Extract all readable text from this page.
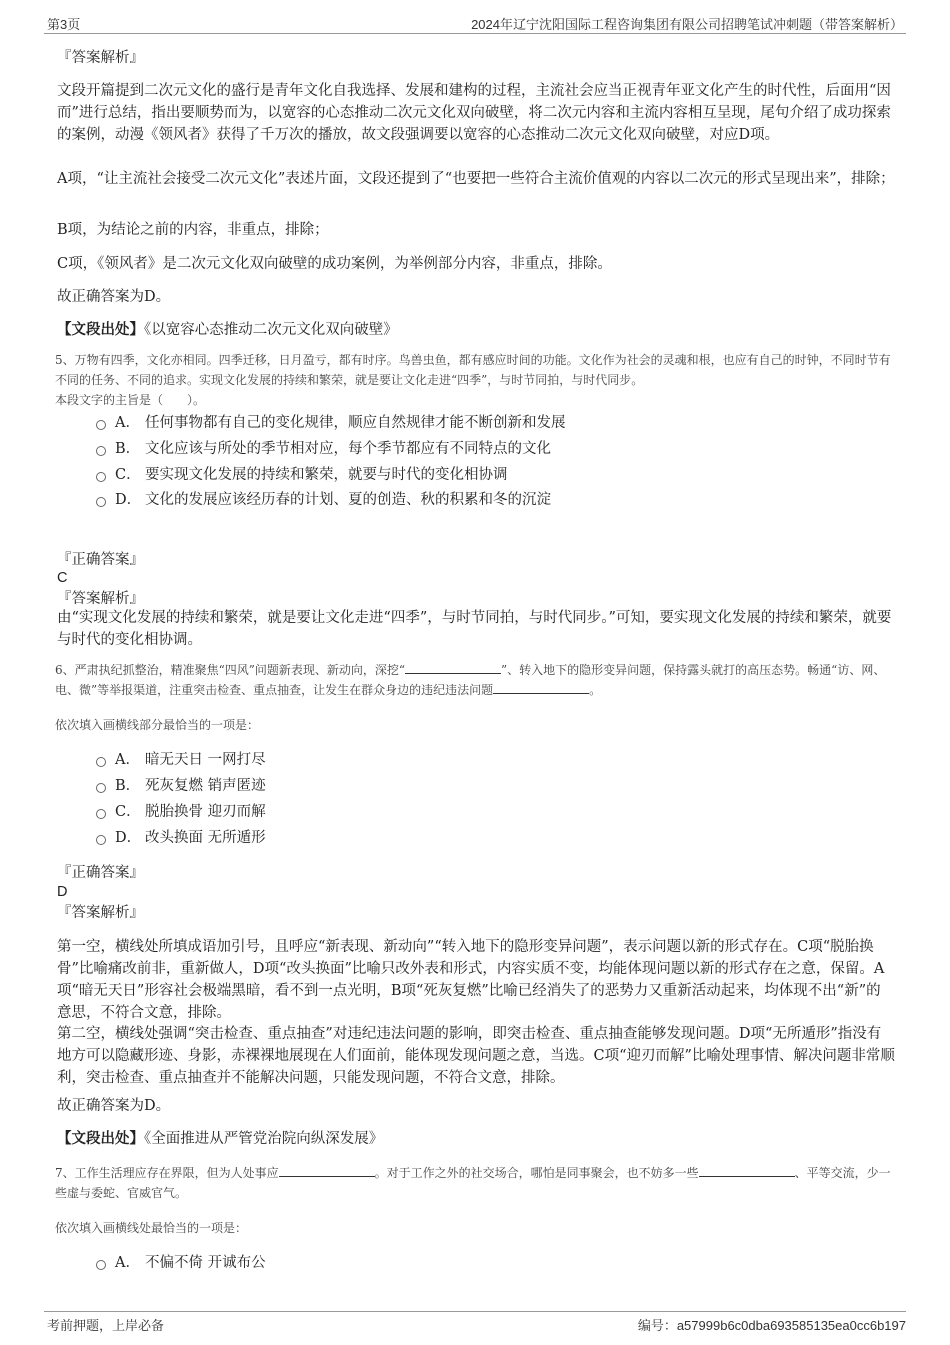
第3页	2024年辽宁沈阳国际工程咨询集团有限公司招聘笔试冲刺题（带答案解析）
『答案解析』

文段开篇提到二次元文化的盛行是青年文化自我选择、发展和建构的过程，主流社会应当正视青年亚文化产生的时代性，后面用“因而”进行总结，指出要顺势而为，以宽容的心态推动二次元文化双向破壁，将二次元内容和主流内容相互呈现，尾句介绍了成功探索的案例，动漫《领风者》获得了千万次的播放，故文段强调要以宽容的心态推动二次元文化双向破壁，对应D项。

A项，“让主流社会接受二次元文化”表述片面，文段还提到了“也要把一些符合主流价值观的内容以二次元的形式呈现出来”，排除；

B项，为结论之前的内容，非重点，排除；

C项，《领风者》是二次元文化双向破壁的成功案例，为举例部分内容，非重点，排除。

故正确答案为D。

【文段出处】《以宽容心态推动二次元文化双向破壁》

5、万物有四季，文化亦相同。四季迁移，日月盈亏，都有时序。鸟兽虫鱼，都有感应时间的功能。文化作为社会的灵魂和根，也应有自己的时钟，不同时节有不同的任务、不同的追求。实现文化发展的持续和繁荣，就是要让文化走进“四季”，与时节同拍，与时代同步。

本段文字的主旨是（　　）。

A． 任何事物都有自己的变化规律，顺应自然规律才能不断创新和发展
B． 文化应该与所处的季节相对应，每个季节都应有不同特点的文化
C． 要实现文化发展的持续和繁荣，就要与时代的变化相协调
D． 文化的发展应该经历春的计划、夏的创造、秋的积累和冬的沉淀
『正确答案』
C
『答案解析』

由“实现文化发展的持续和繁荣，就是要让文化走进“四季”，与时节同拍，与时代同步。”可知，要实现文化发展的持续和繁荣，就要与时代的变化相协调。

6、严肃执纪抓整治，精准聚焦“四风”问题新表现、新动向，深挖“	”、转入地下的隐形变异问题，保持露头就打的高压态势。畅通“访、网、电、微”等举报渠道，注重突击检查、重点抽查，让发生在群众身边的违纪违法问题	。

依次填入画横线部分最恰当的一项是：

A． 暗无天日 一网打尽
B． 死灰复燃 销声匿迹
C． 脱胎换骨 迎刃而解
D． 改头换面 无所遁形
『正确答案』
D
『答案解析』

第一空，横线处所填成语加引号，且呼应“新表现、新动向”“转入地下的隐形变异问题”，表示问题以新的形式存在。C项“脱胎换骨”比喻痛改前非，重新做人，D项“改头换面”比喻只改外表和形式，内容实质不变，均能体现问题以新的形式存在之意，保留。A项“暗无天日”形容社会极端黑暗，看不到一点光明，B项“死灰复燃”比喻已经消失了的恶势力又重新活动起来，均体现不出“新”的意思，不符合文意，排除。

第二空，横线处强调“突击检查、重点抽查”对违纪违法问题的影响，即突击检查、重点抽查能够发现问题。D项“无所遁形”指没有地方可以隐藏形迹、身影，赤裸裸地展现在人们面前，能体现发现问题之意，当选。C项“迎刃而解”比喻处理事情、解决问题非常顺利，突击检查、重点抽查并不能解决问题，只能发现问题，不符合文意，排除。

故正确答案为D。

【文段出处】《全面推进从严管党治院向纵深发展》

7、工作生活理应存在界限，但为人处事应	。对于工作之外的社交场合，哪怕是同事聚会，也不妨多一些	、平等交流，少一些虚与委蛇、官威官气。

依次填入画横线处最恰当的一项是：

A． 不偏不倚 开诚布公
考前押题，上岸必备	编号：a57999b6c0dba693585135ea0cc6b197
